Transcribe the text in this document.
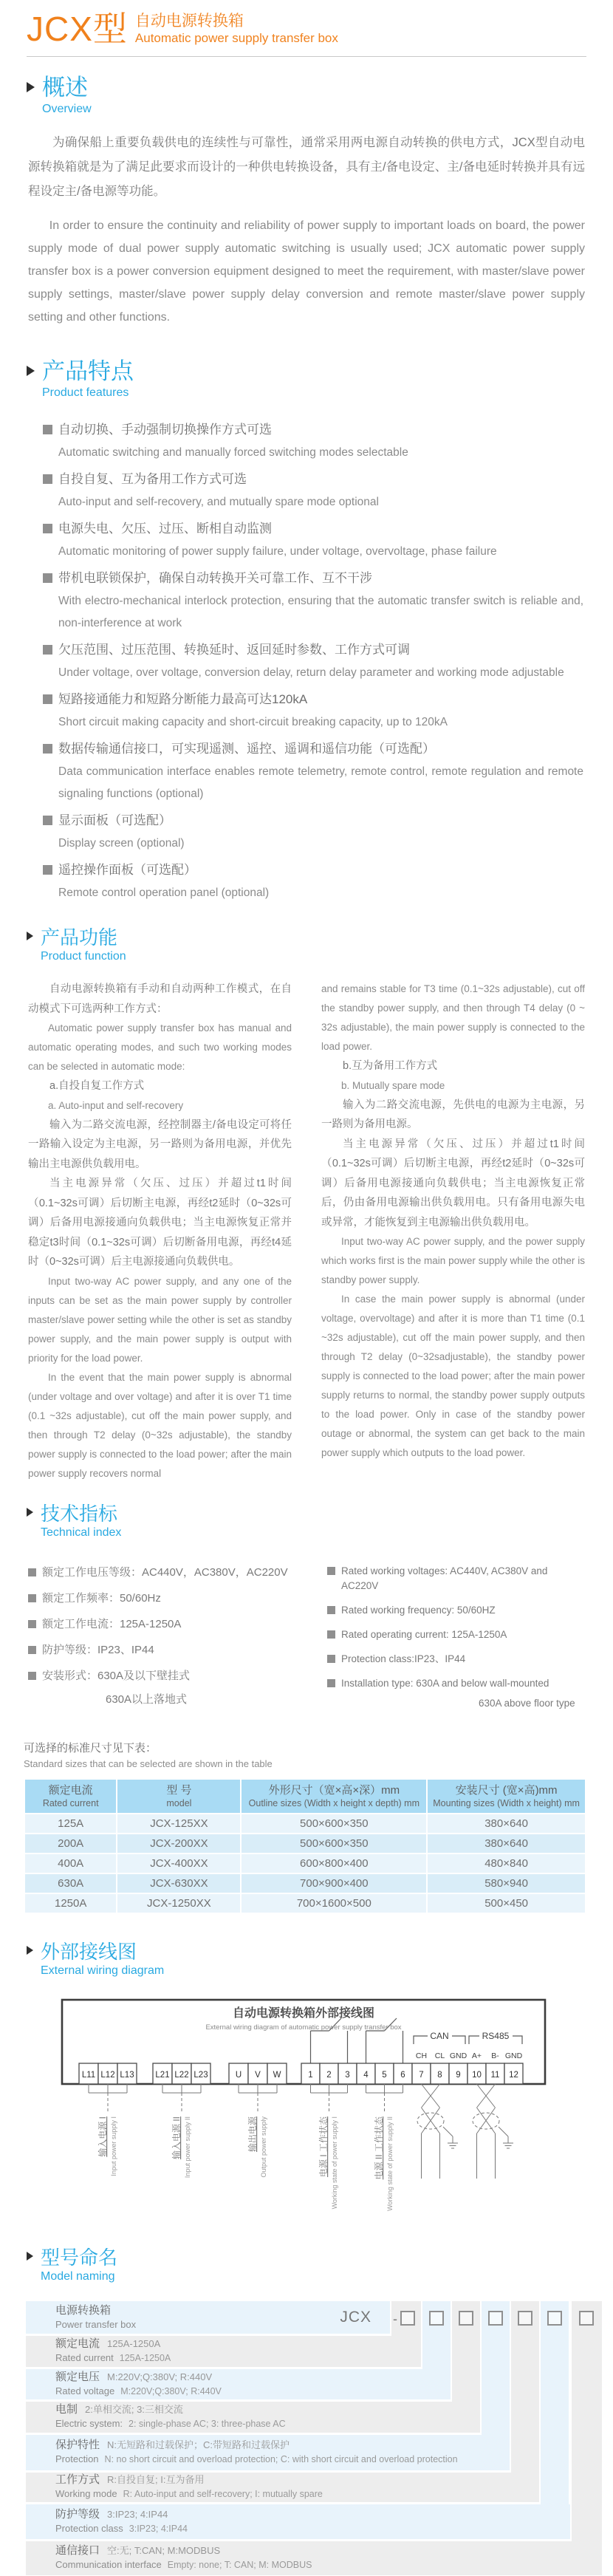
JCX型 自动电源转换箱
Automatic power supply transfer box
概述
Overview

为确保船上重要负载供电的连续性与可靠性，通常采用两电源自动转换的供电方式，JCX型自动电源转换箱就是为了满足此要求而设计的一种供电转换设备，具有主/备电设定、主/备电延时转换并具有远程设定主/备电源等功能。

In order to ensure the continuity and reliability of power supply to important loads on board, the power supply mode of dual power supply automatic switching is usually used; JCX automatic power supply transfer box is a power conversion equipment designed to meet the requirement, with master/slave power supply settings, master/slave power supply delay conversion and remote master/slave power supply setting and other functions.

产品特点
Product features
自动切换、手动强制切换操作方式可选
Automatic switching and manually forced switching modes selectable
自投自复、互为备用工作方式可选
Auto-input and self-recovery, and mutually spare mode optional
电源失电、欠压、过压、断相自动监测
Automatic monitoring of power supply failure, under voltage, overvoltage, phase failure
带机电联锁保护，确保自动转换开关可靠工作、互不干涉
With electro-mechanical interlock protection, ensuring that the automatic transfer switch is reliable and, non-interference at work
欠压范围、过压范围、转换延时、返回延时参数、工作方式可调
Under voltage, over voltage, conversion delay, return delay parameter and working mode adjustable
短路接通能力和短路分断能力最高可达120kA
Short circuit making capacity and short-circuit breaking capacity, up to 120kA
数据传输通信接口，可实现遥测、遥控、遥调和遥信功能（可选配）
Data communication interface enables remote telemetry, remote control, remote regulation and remote signaling functions (optional)
显示面板（可选配）
Display screen (optional)
遥控操作面板（可选配）
Remote control operation panel (optional)
产品功能
Product function

自动电源转换箱有手动和自动两种工作模式，在自动模式下可选两种工作方式：

Automatic power supply transfer box has manual and automatic operating modes, and such two working modes can be selected in automatic mode:

a.自投自复工作方式

a. Auto-input and self-recovery

输入为二路交流电源，经控制器主/备电设定可将任一路输入设定为主电源，另一路则为备用电源，并优先输出主电源供负载用电。

当主电源异常（欠压、过压）并超过t1时间（0.1~32s可调）后切断主电源，再经t2延时（0~32s可调）后备用电源接通向负载供电；当主电源恢复正常并稳定t3时间（0.1~32s可调）后切断备用电源，再经t4延时（0~32s可调）后主电源接通向负载供电。

Input two-way AC power supply, and any one of the inputs can be set as the main power supply by controller master/slave power setting while the other is set as standby power supply, and the main power supply is output with priority for the load power.

In the event that the main power supply is abnormal (under voltage and over voltage) and after it is over T1 time (0.1 ~32s adjustable), cut off the main power supply, and then through T2 delay (0~32s adjustable), the standby power supply is connected to the load power; after the main power supply recovers normal

and remains stable for T3 time (0.1~32s adjustable), cut off the standby power supply, and then through T4 delay (0 ~ 32s adjustable), the main power supply is connected to the load power.

b.互为备用工作方式

b. Mutually spare mode

输入为二路交流电源，先供电的电源为主电源，另一路则为备用电源。

当主电源异常（欠压、过压）并超过t1时间（0.1~32s可调）后切断主电源，再经t2延时（0~32s可调）后备用电源接通向负载供电；当主电源恢复正常后，仍由备用电源输出供负载用电。只有备用电源失电或异常，才能恢复到主电源输出供负载用电。

Input two-way AC power supply, and the power supply which works first is the main power supply while the other is standby power supply.

In case the main power supply is abnormal (under voltage, overvoltage) and after it is more than T1 time (0.1 ~32s adjustable), cut off the main power supply, and then through T2 delay (0~32sadjustable), the standby power supply is connected to the load power; after the main power supply returns to normal, the standby power supply outputs to the load power. Only in case of the standby power outage or abnormal, the system can get back to the main power supply which outputs to the load power.

技术指标
Technical index
额定工作电压等级：AC440V，AC380V，AC220V
额定工作频率：50/60Hz
额定工作电流：125A-1250A
防护等级：IP23、IP44
安装形式：630A及以下壁挂式
630A以上落地式
Rated working voltages: AC440V, AC380V and AC220V
Rated working frequency: 50/60HZ
Rated operating current: 125A-1250A
Protection class:IP23、IP44
Installation type: 630A and below wall-mounted
630A above floor type
可选择的标准尺寸见下表：
Standard sizes that can be selected are shown in the table
额定电流
Rated current

型 号
model

外形尺寸（宽×高×深）mm
Outline sizes (Width x height x depth) mm

安装尺寸 (宽×高)mm
Mounting sizes (Width x height) mm

125A	JCX-125XX	500×600×350	380×640
200A	JCX-200XX	500×600×350	380×640
400A	JCX-400XX	600×800×400	480×840
630A	JCX-630XX	700×900×400	580×940
1250A	JCX-1250XX	700×1600×500	500×450
外部接线图
External wiring diagram
自动电源转换箱外部接线图
External wiring diagram of automatic power supply transfer box
CAN	RS485
CH CL GND A+ B- GND
L11 L12 L13	L21 L22 L23	U V W	1 2 3 4 5 6 7 8 9 10 11 12
输入电源 I Input power supply I	输入电源 II Input power supply II	输出电源 Output power supply	电源 I 工作状态 Working state of power supply I	电源 II 工作状态 Working state of power supply II
型号命名
Model naming
JCX -
电源转换箱
Power transfer box
额定电流 125A-1250A
Rated current 125A-1250A
额定电压 M:220V;Q:380V; R:440V
Rated voltage M:220V;Q:380V; R:440V
电制 2:单相交流; 3:三相交流
Electric system: 2: single-phase AC; 3: three-phase AC
保护特性 N:无短路和过载保护；C:带短路和过载保护
Protection N: no short circuit and overload protection; C: with short circuit and overload protection
工作方式 R:自投自复; I:互为备用
Working mode R: Auto-input and self-recovery; I: mutually spare
防护等级 3:IP23; 4:IP44
Protection class 3:IP23; 4:IP44
通信接口 空:无; T:CAN; M:MODBUS
Communication interface Empty: none; T: CAN; M: MODBUS
